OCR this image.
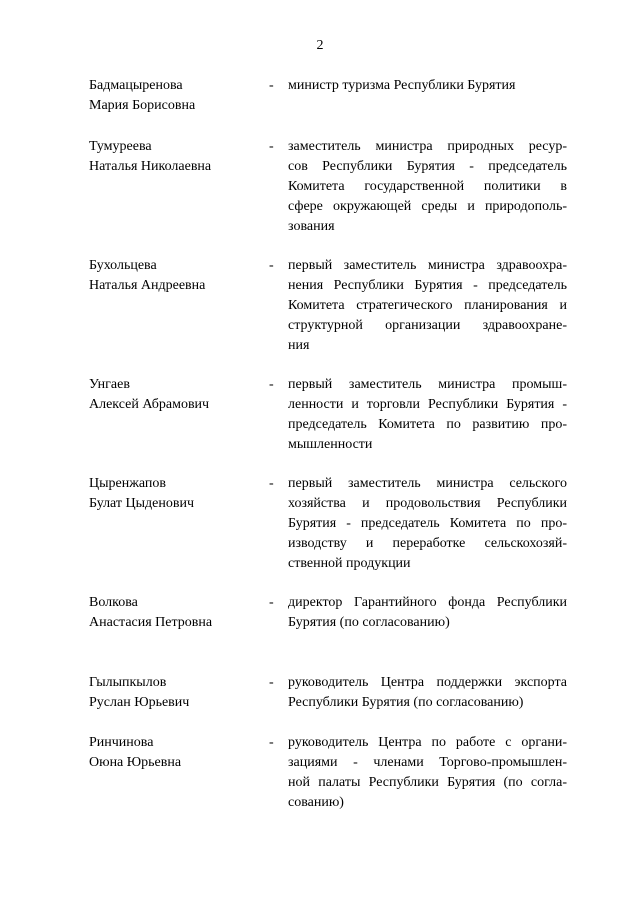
2
Бадмацыренова
Мария Борисовна
-	министр туризма Республики Бурятия
Тумуреева
Наталья Николаевна
-	заместитель министра природных ресур-
сов Республики Бурятия - председатель
Комитета государственной политики в
сфере окружающей среды и природополь-
зования
Бухольцева
Наталья Андреевна
-	первый заместитель министра здравоохра-
нения Республики Бурятия - председатель
Комитета стратегического планирования и
структурной организации здравоохране-
ния
Унгаев
Алексей Абрамович
-	первый заместитель министра промыш-
ленности и торговли Республики Бурятия -
председатель Комитета по развитию про-
мышленности
Цыренжапов
Булат Цыденович
-	первый заместитель министра сельского
хозяйства и продовольствия Республики
Бурятия - председатель Комитета по про-
изводству и переработке сельскохозяй-
ственной продукции
Волкова
Анастасия Петровна
-	директор Гарантийного фонда Республики
Бурятия (по согласованию)
Гылыпкылов
Руслан Юрьевич
-	руководитель Центра поддержки экспорта
Республики Бурятия (по согласованию)
Ринчинова
Оюна Юрьевна
-	руководитель Центра по работе с органи-
зациями - членами Торгово-промышлен-
ной палаты Республики Бурятия (по согла-
сованию)
